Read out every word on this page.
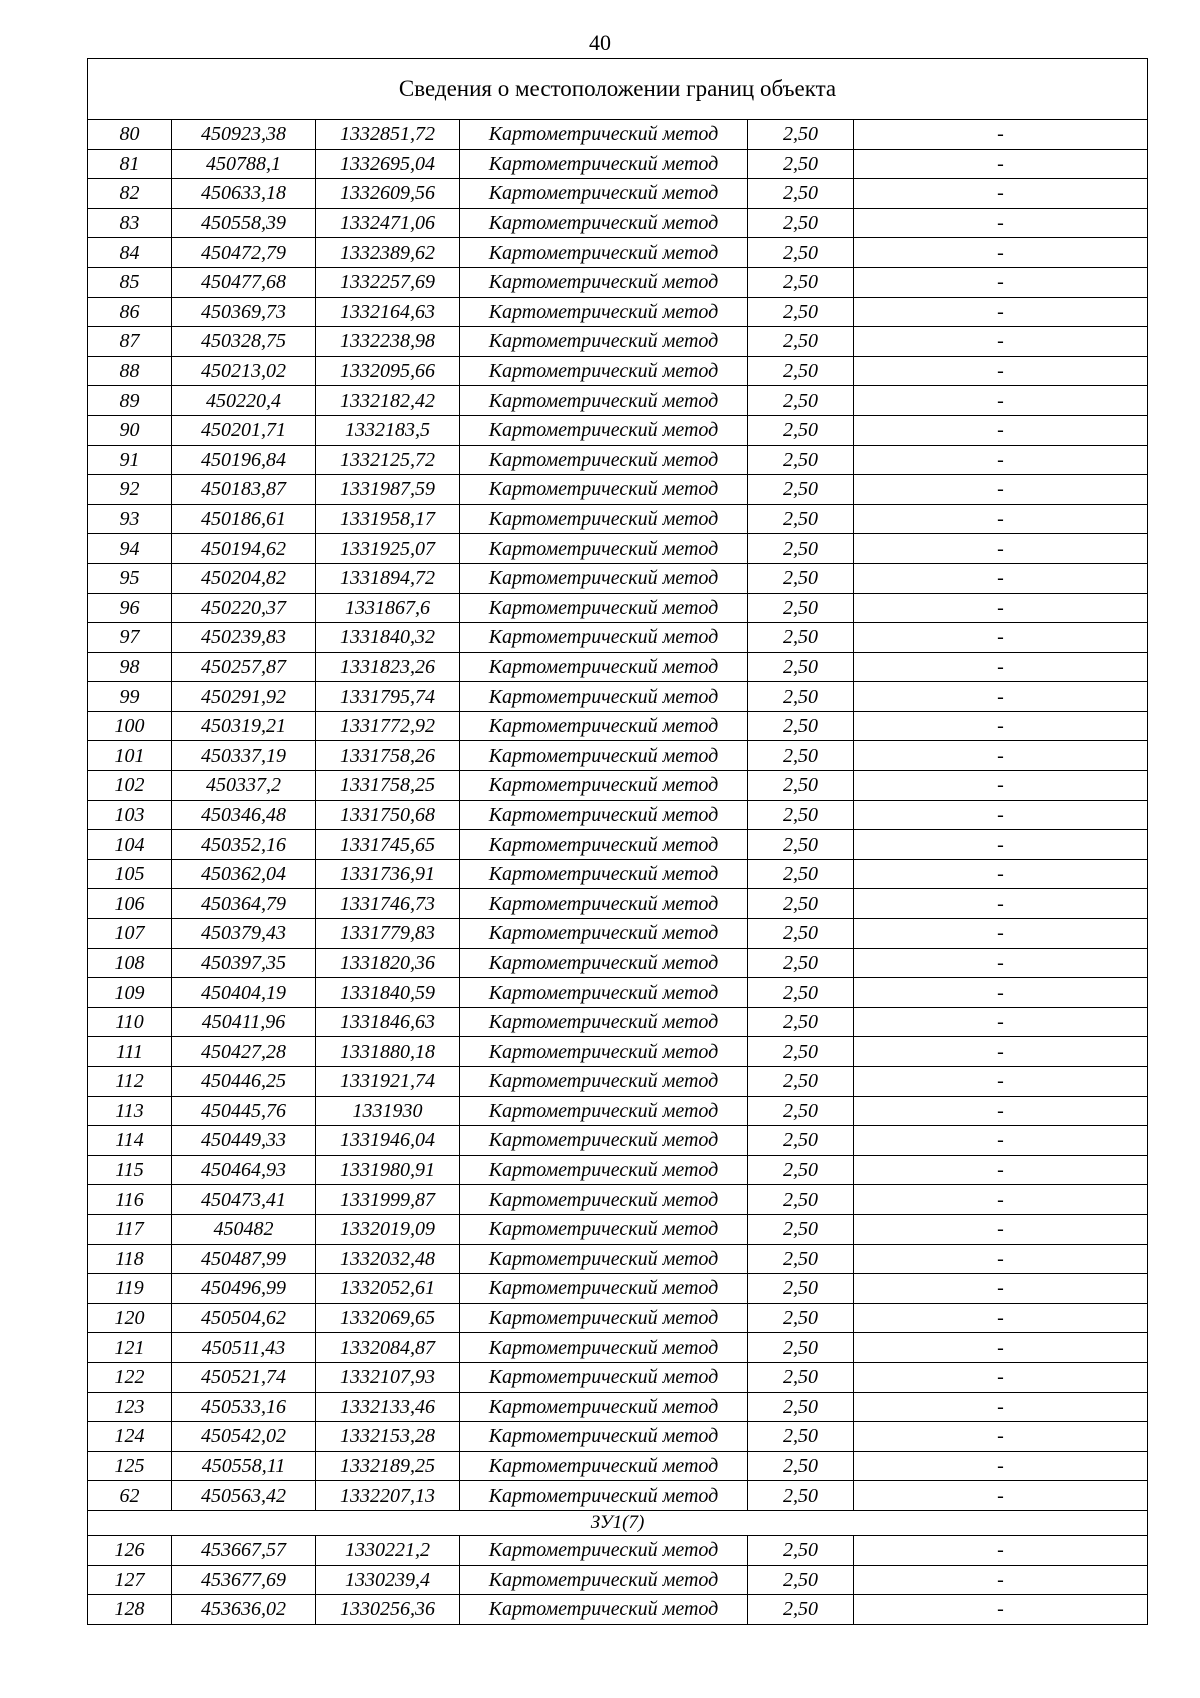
40
Сведения о местоположении границ объекта					
80	450923,38	1332851,72	Картометрический метод	2,50	-
81	450788,1	1332695,04	Картометрический метод	2,50	-
82	450633,18	1332609,56	Картометрический метод	2,50	-
83	450558,39	1332471,06	Картометрический метод	2,50	-
84	450472,79	1332389,62	Картометрический метод	2,50	-
85	450477,68	1332257,69	Картометрический метод	2,50	-
86	450369,73	1332164,63	Картометрический метод	2,50	-
87	450328,75	1332238,98	Картометрический метод	2,50	-
88	450213,02	1332095,66	Картометрический метод	2,50	-
89	450220,4	1332182,42	Картометрический метод	2,50	-
90	450201,71	1332183,5	Картометрический метод	2,50	-
91	450196,84	1332125,72	Картометрический метод	2,50	-
92	450183,87	1331987,59	Картометрический метод	2,50	-
93	450186,61	1331958,17	Картометрический метод	2,50	-
94	450194,62	1331925,07	Картометрический метод	2,50	-
95	450204,82	1331894,72	Картометрический метод	2,50	-
96	450220,37	1331867,6	Картометрический метод	2,50	-
97	450239,83	1331840,32	Картометрический метод	2,50	-
98	450257,87	1331823,26	Картометрический метод	2,50	-
99	450291,92	1331795,74	Картометрический метод	2,50	-
100	450319,21	1331772,92	Картометрический метод	2,50	-
101	450337,19	1331758,26	Картометрический метод	2,50	-
102	450337,2	1331758,25	Картометрический метод	2,50	-
103	450346,48	1331750,68	Картометрический метод	2,50	-
104	450352,16	1331745,65	Картометрический метод	2,50	-
105	450362,04	1331736,91	Картометрический метод	2,50	-
106	450364,79	1331746,73	Картометрический метод	2,50	-
107	450379,43	1331779,83	Картометрический метод	2,50	-
108	450397,35	1331820,36	Картометрический метод	2,50	-
109	450404,19	1331840,59	Картометрический метод	2,50	-
110	450411,96	1331846,63	Картометрический метод	2,50	-
111	450427,28	1331880,18	Картометрический метод	2,50	-
112	450446,25	1331921,74	Картометрический метод	2,50	-
113	450445,76	1331930	Картометрический метод	2,50	-
114	450449,33	1331946,04	Картометрический метод	2,50	-
115	450464,93	1331980,91	Картометрический метод	2,50	-
116	450473,41	1331999,87	Картометрический метод	2,50	-
117	450482	1332019,09	Картометрический метод	2,50	-
118	450487,99	1332032,48	Картометрический метод	2,50	-
119	450496,99	1332052,61	Картометрический метод	2,50	-
120	450504,62	1332069,65	Картометрический метод	2,50	-
121	450511,43	1332084,87	Картометрический метод	2,50	-
122	450521,74	1332107,93	Картометрический метод	2,50	-
123	450533,16	1332133,46	Картометрический метод	2,50	-
124	450542,02	1332153,28	Картометрический метод	2,50	-
125	450558,11	1332189,25	Картометрический метод	2,50	-
62	450563,42	1332207,13	Картометрический метод	2,50	-
ЗУ1(7)					
126	453667,57	1330221,2	Картометрический метод	2,50	-
127	453677,69	1330239,4	Картометрический метод	2,50	-
128	453636,02	1330256,36	Картометрический метод	2,50	-
